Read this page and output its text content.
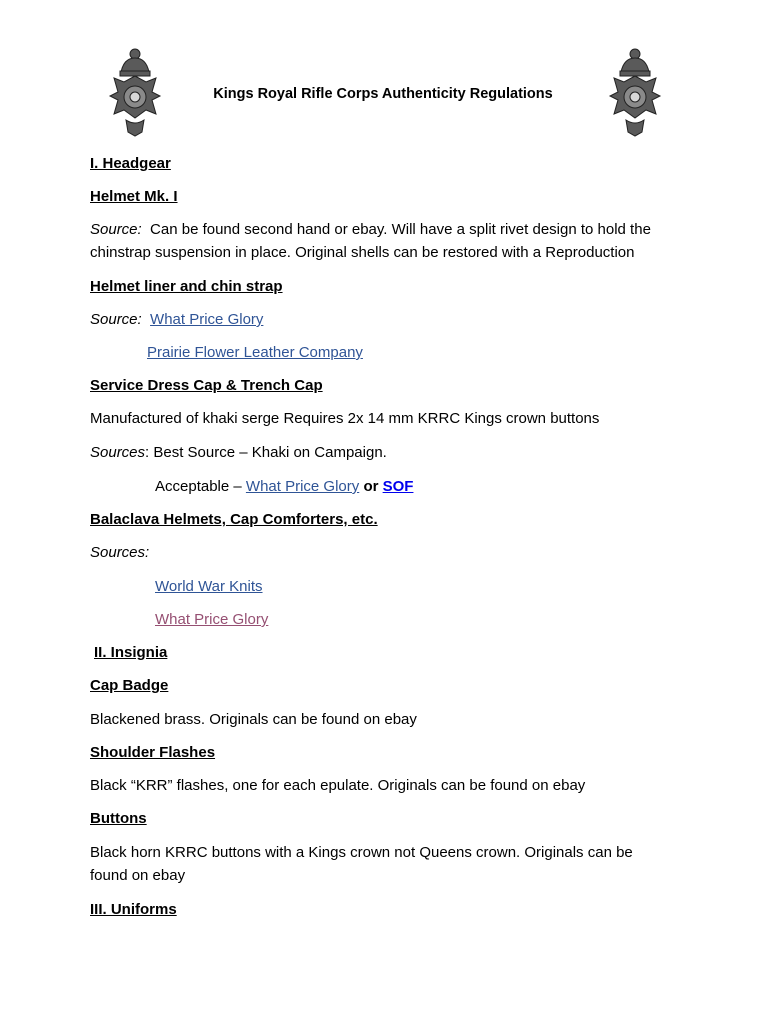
Kings Royal Rifle Corps Authenticity Regulations
I. Headgear
Helmet Mk. I
Source: Can be found second hand or ebay. Will have a split rivet design to hold the
chinstrap suspension in place. Original shells can be restored with a Reproduction
Helmet liner and chin strap
Source: What Price Glory
Prairie Flower Leather Company
Service Dress Cap & Trench Cap
Manufactured of khaki serge Requires 2x 14 mm KRRC Kings crown buttons
Sources: Best Source – Khaki on Campaign.
Acceptable – What Price Glory or SOF
Balaclava Helmets, Cap Comforters, etc.
Sources:
World War Knits
What Price Glory
II. Insignia
Cap Badge
Blackened brass. Originals can be found on ebay
Shoulder Flashes
Black “KRR” flashes, one for each epulate. Originals can be found on ebay
Buttons
Black horn KRRC buttons with a Kings crown not Queens crown. Originals can be
found on ebay
III. Uniforms
